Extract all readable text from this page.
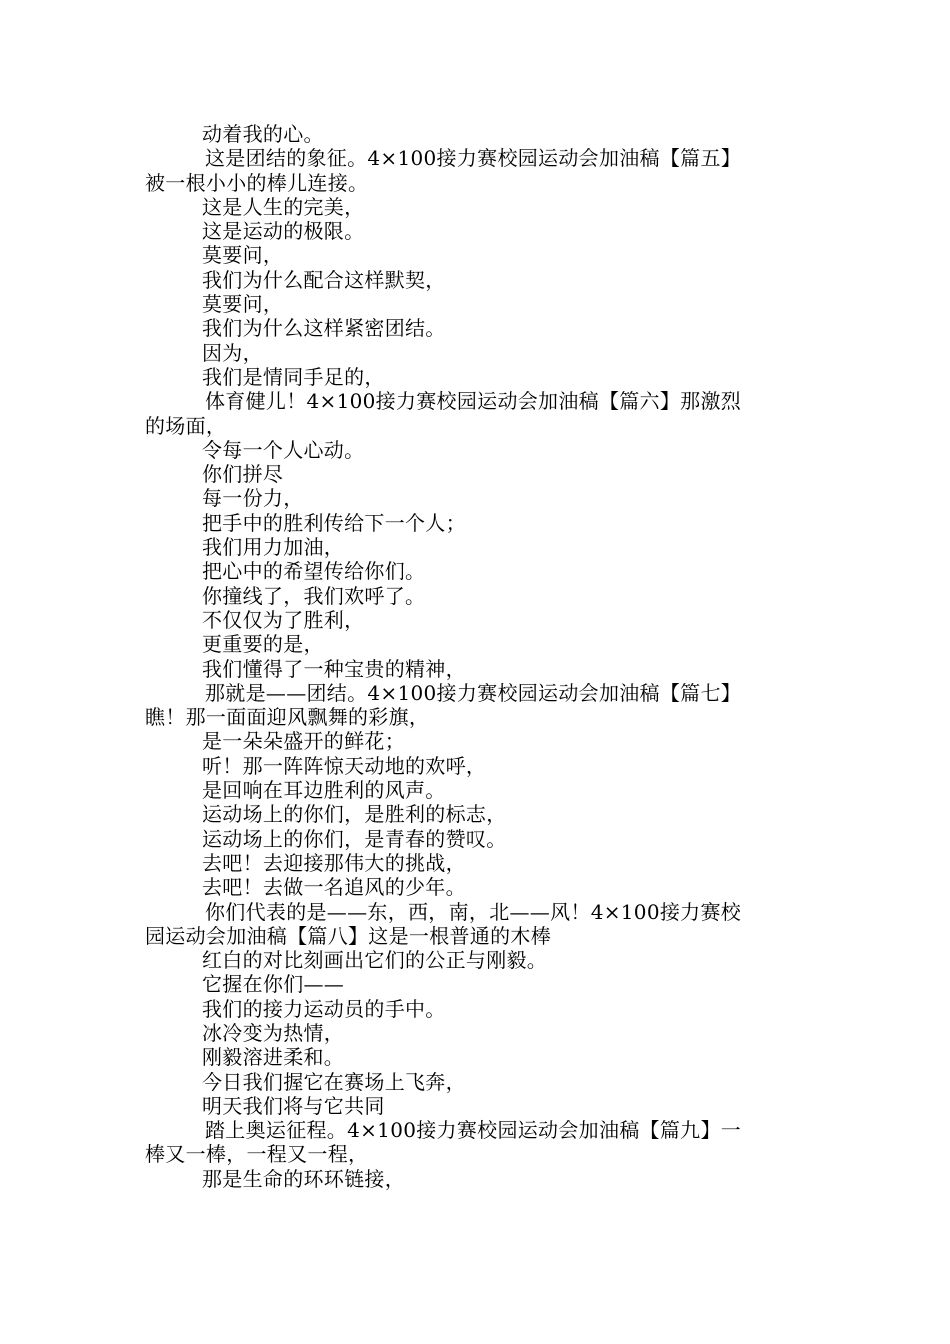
动着我的心。

这是团结的象征。4×100接力赛校园运动会加油稿【篇五】

被一根小小的棒儿连接。

这是人生的完美，

这是运动的极限。

莫要问，

我们为什么配合这样默契，

莫要问，

我们为什么这样紧密团结。

因为，

我们是情同手足的，

体育健儿！4×100接力赛校园运动会加油稿【篇六】那激烈

的场面，

令每一个人心动。

你们拼尽

每一份力，

把手中的胜利传给下一个人；

我们用力加油，

把心中的希望传给你们。

你撞线了，我们欢呼了。

不仅仅为了胜利，

更重要的是，

我们懂得了一种宝贵的精神，

那就是——团结。4×100接力赛校园运动会加油稿【篇七】

瞧！那一面面迎风飘舞的彩旗，

是一朵朵盛开的鲜花；

听！那一阵阵惊天动地的欢呼，

是回响在耳边胜利的风声。

运动场上的你们，是胜利的标志，

运动场上的你们，是青春的赞叹。

去吧！去迎接那伟大的挑战，

去吧！去做一名追风的少年。

你们代表的是——东，西，南，北——风！4×100接力赛校

园运动会加油稿【篇八】这是一根普通的木棒

红白的对比刻画出它们的公正与刚毅。

它握在你们——

我们的接力运动员的手中。

冰冷变为热情，

刚毅溶进柔和。

今日我们握它在赛场上飞奔，

明天我们将与它共同

踏上奥运征程。4×100接力赛校园运动会加油稿【篇九】一

棒又一棒，一程又一程，

那是生命的环环链接，
